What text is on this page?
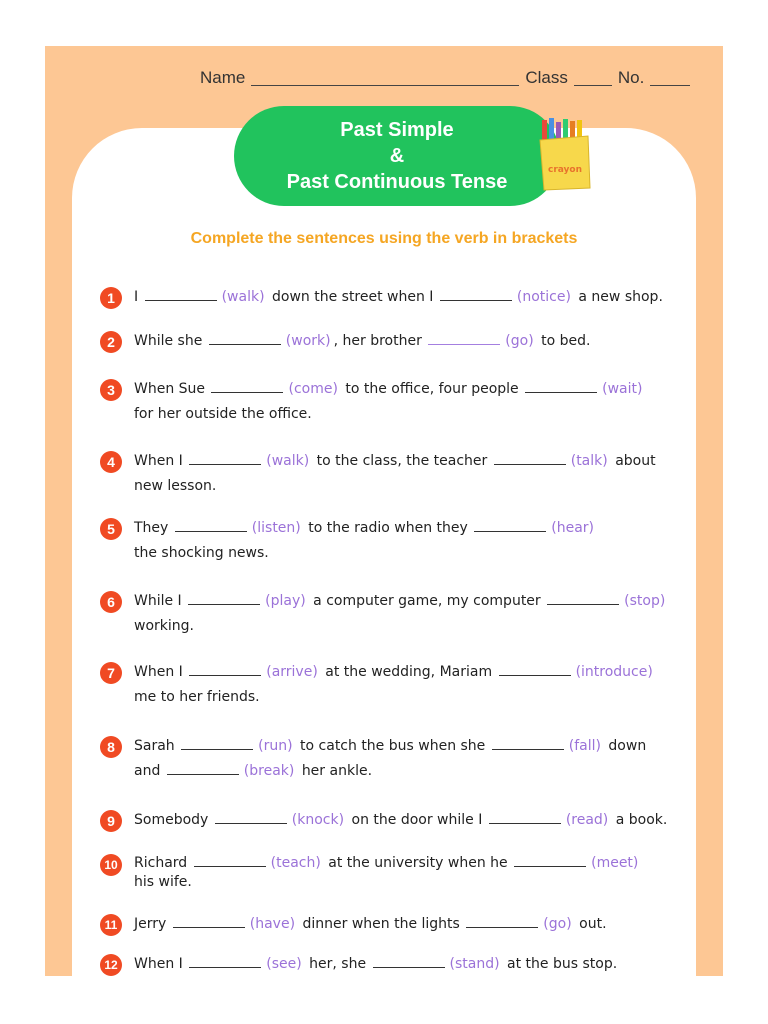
Name	Class	No.
Past Simple
&
Past Continuous Tense
crayon
Complete the sentences using the verb in brackets
1	I	(walk) down the street when I	(notice) a new shop.
2	While she	(work) , her brother	(go) to bed.
3	When Sue	(come) to the office, four people	(wait)
for her outside the office.
4	When I	(walk) to the class, the teacher	(talk) about
new lesson.
5	They	(listen) to the radio when they	(hear)
the shocking news.
6	While I	(play) a computer game, my computer	(stop)
working.
7	When I	(arrive) at the wedding, Mariam	(introduce)
me to her friends.
8	Sarah	(run) to catch the bus when she	(fall) down
and	(break) her ankle.
9	Somebody	(knock) on the door while I	(read) a book.
10	Richard	(teach) at the university when he	(meet)
his wife.
11	Jerry	(have) dinner when the lights	(go) out.
12	When I	(see) her, she	(stand) at the bus stop.
